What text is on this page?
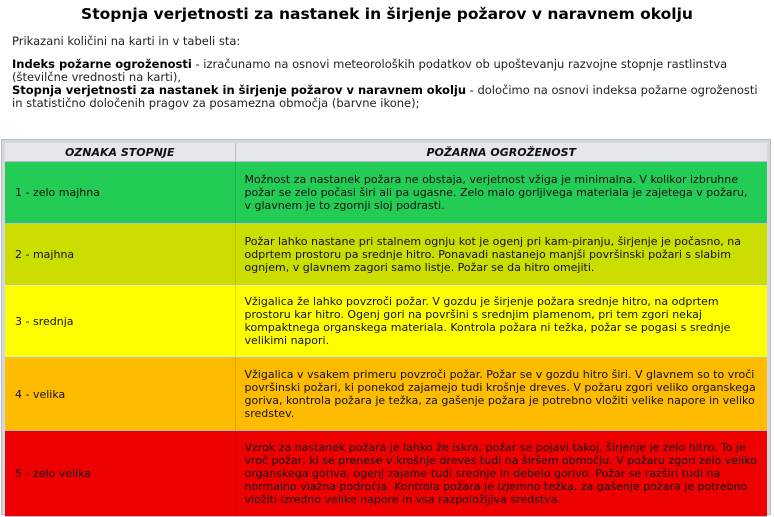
Stopnja verjetnosti za nastanek in širjenje požarov v naravnem okolju

Prikazani količini na karti in v tabeli sta:

Indeks požarne ogroženosti - izračunamo na osnovi meteoroloških podatkov ob upoštevanju razvojne stopnje rastlinstva (številčne vrednosti na karti),

Stopnja verjetnosti za nastanek in širjenje požarov v naravnem okolju - določimo na osnovi indeksa požarne ogroženosti in statistično določenih pragov za posamezna območja (barvne ikone);

OZNAKA STOPNJE	POŽARNA OGROŽENOST
1 - zelo majhna	Možnost za nastanek požara ne obstaja, verjetnost vžiga je minimalna. V kolikor izbruhne požar se zelo počasi širi ali pa ugasne. Zelo malo gorljivega materiala je zajetega v požaru, v glavnem je to zgornji sloj podrasti.
2 - majhna	Požar lahko nastane pri stalnem ognju kot je ogenj pri kam-piranju, širjenje je počasno, na odprtem prostoru pa srednje hitro. Ponavadi nastanejo manjši površinski požari s slabim ognjem, v glavnem zagori samo listje. Požar se da hitro omejiti.
3 - srednja	Vžigalica že lahko povzroči požar. V gozdu je širjenje požara srednje hitro, na odprtem prostoru kar hitro. Ogenj gori na površini s srednjim plamenom, pri tem zgori nekaj kompaktnega organskega materiala. Kontrola požara ni težka, požar se pogasi s srednje velikimi napori.
4 - velika	Vžigalica v vsakem primeru povzroči požar. Požar se v gozdu hitro širi. V glavnem so to vroči površinski požari, ki ponekod zajamejo tudi krošnje dreves. V požaru zgori veliko organskega goriva, kontrola požara je težka, za gašenje požara je potrebno vložiti velike napore in veliko sredstev.
5 - zelo velika	Vzrok za nastanek požara je lahko že iskra, požar se pojavi takoj, širjenje je zelo hitro. To je vroč požar, ki se prenese v krošnje dreves tudi na širšem območju. V požaru zgori zelo veliko organskega goriva, ogenj zajame tudi srednje in debelo gorivo. Požar se razširi tudi na normalno vlažna področja. Kontrola požara je izjemno težka, za gašenje požara je potrebno vložiti izredno velike napore in vsa razpoložljiva sredstva.
